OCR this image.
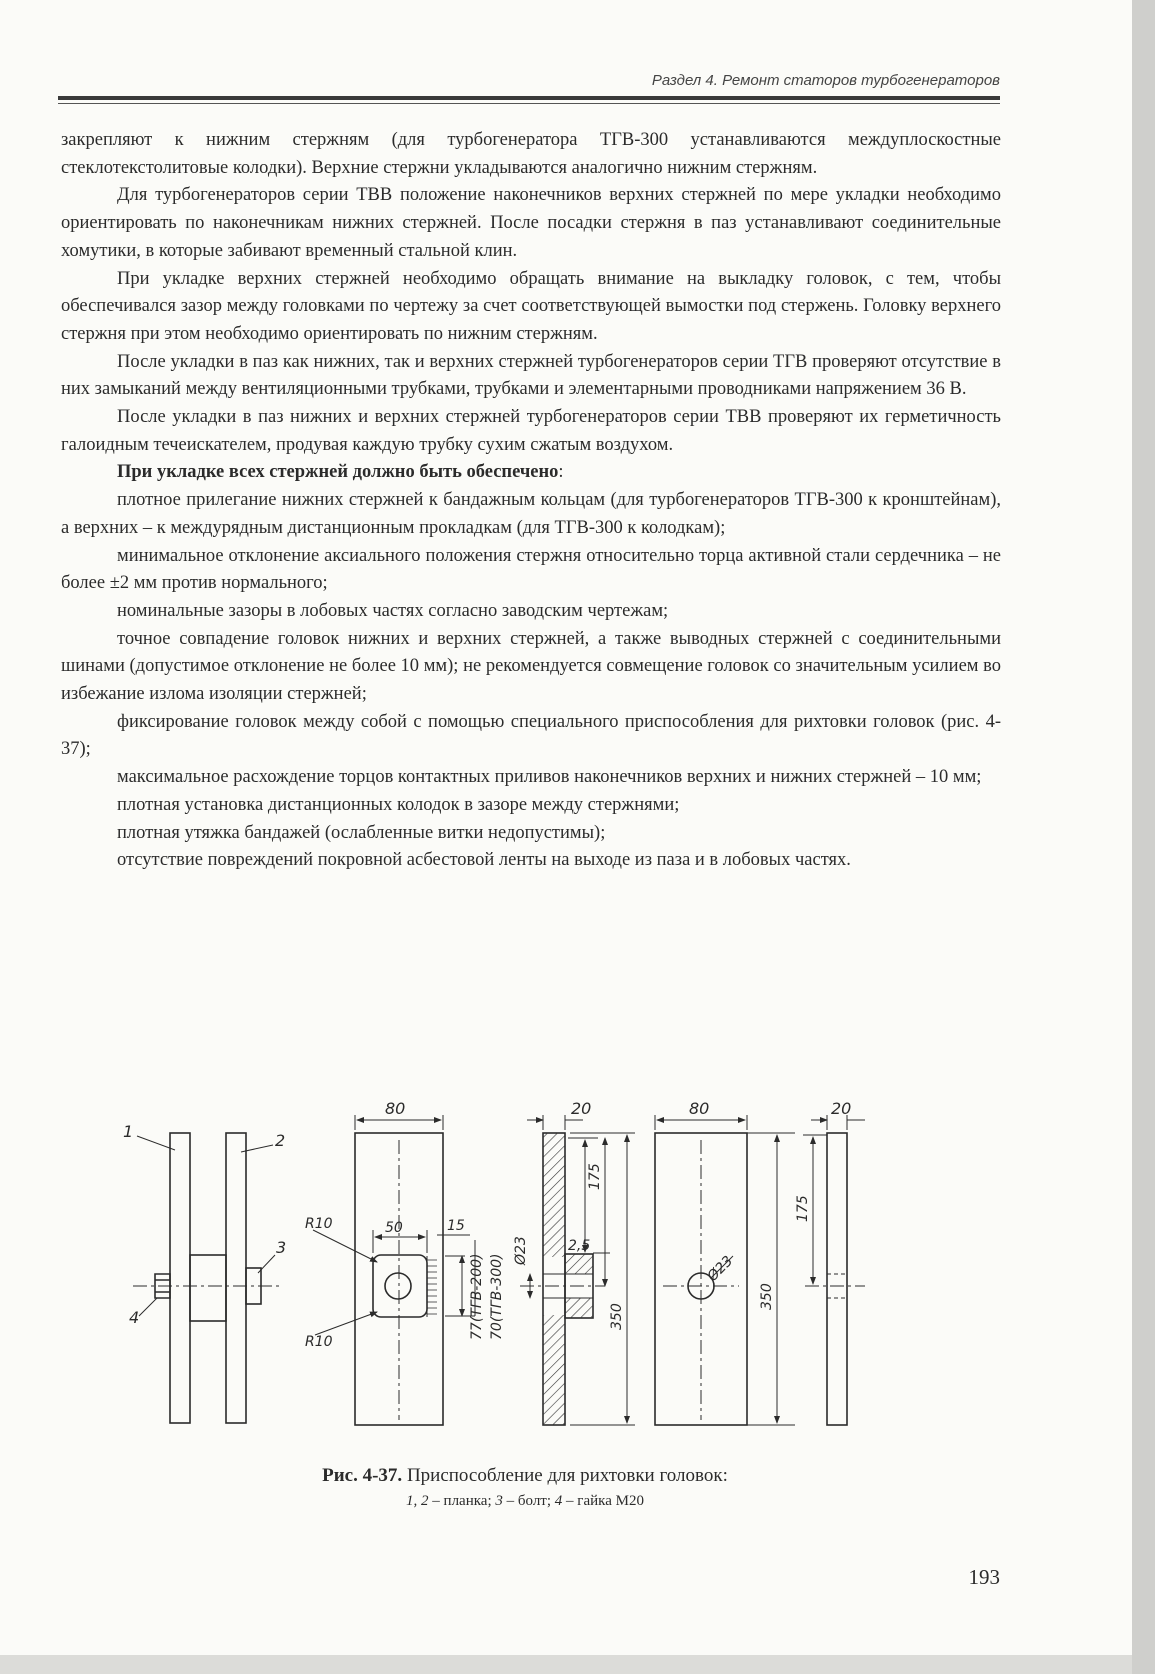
Раздел 4. Ремонт статоров турбогенераторов

закрепляют к нижним стержням (для турбогенератора ТГВ-300 устанавливаются междуплоскостные стеклотекстолитовые колодки). Верхние стержни укладываются аналогично нижним стержням.

Для турбогенераторов серии ТВВ положение наконечников верхних стержней по мере укладки необходимо ориентировать по наконечникам нижних стержней. После посадки стержня в паз устанавливают соединительные хомутики, в которые забивают временный стальной клин.

При укладке верхних стержней необходимо обращать внимание на выкладку головок, с тем, чтобы обеспечивался зазор между головками по чертежу за счет соответствующей вымостки под стержень. Головку верхнего стержня при этом необходимо ориентировать по нижним стержням.

После укладки в паз как нижних, так и верхних стержней турбогенераторов серии ТГВ проверяют отсутствие в них замыканий между вентиляционными трубками, трубками и элементарными проводниками напряжением 36 В.

После укладки в паз нижних и верхних стержней турбогенераторов серии ТВВ проверяют их герметичность галоидным течеискателем, продувая каждую трубку сухим сжатым воздухом.

При укладке всех стержней должно быть обеспечено:

плотное прилегание нижних стержней к бандажным кольцам (для турбогенераторов ТГВ-300 к кронштейнам), а верхних – к междурядным дистанционным прокладкам (для ТГВ-300 к колодкам);

минимальное отклонение аксиального положения стержня относительно торца активной стали сердечника – не более ±2 мм против нормального;

номинальные зазоры в лобовых частях согласно заводским чертежам;

точное совпадение головок нижних и верхних стержней, а также выводных стержней с соединительными шинами (допустимое отклонение не более 10 мм); не рекомендуется совмещение головок со значительным усилием во избежание излома изоляции стержней;

фиксирование головок между собой с помощью специального приспособления для рихтовки головок (рис. 4-37);

максимальное расхождение торцов контактных приливов наконечников верхних и нижних стержней – 10 мм;

плотная установка дистанционных колодок в зазоре между стержнями;

плотная утяжка бандажей (ослабленные витки недопустимы);

отсутствие повреждений покровной асбестовой ленты на выходе из паза и в лобовых частях.

1	2
3
4
80
R10
R10
50	15
77(ТГВ-200) 70(ТГВ-300)
20
Ø23	2,5
175
350
80
Ø23
350
20
175
Рис. 4-37. Приспособление для рихтовки головок:
1, 2 – планка; 3 – болт; 4 – гайка М20
193
